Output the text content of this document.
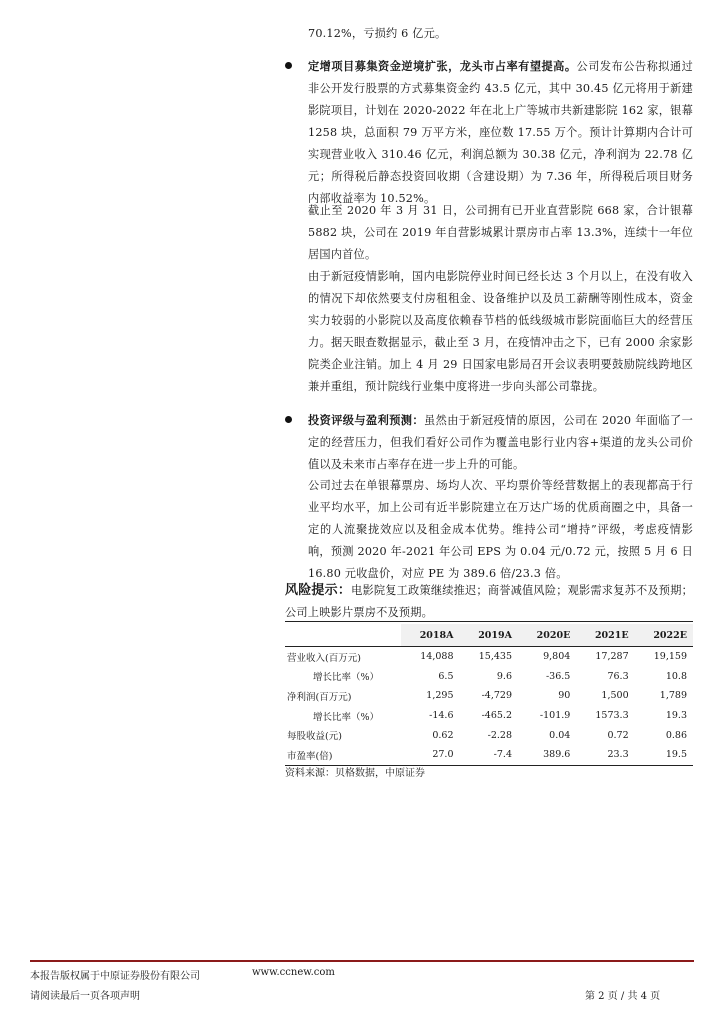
70.12%，亏损约 6 亿元。

定增项目募集资金逆境扩张，龙头市占率有望提高。公司发布公告称拟通过非公开发行股票的方式募集资金约 43.5 亿元，其中 30.45 亿元将用于新建影院项目，计划在 2020-2022 年在北上广等城市共新建影院 162 家，银幕 1258 块，总面积 79 万平方米，座位数 17.55 万个。预计计算期内合计可实现营业收入 310.46 亿元，利润总额为 30.38 亿元，净利润为 22.78 亿元；所得税后静态投资回收期（含建设期）为 7.36 年，所得税后项目财务内部收益率为 10.52%。

截止至 2020 年 3 月 31 日，公司拥有已开业直营影院 668 家，合计银幕 5882 块，公司在 2019 年自营影城累计票房市占率 13.3%，连续十一年位居国内首位。

由于新冠疫情影响，国内电影院停业时间已经长达 3 个月以上，在没有收入的情况下却依然要支付房租租金、设备维护以及员工薪酬等刚性成本，资金实力较弱的小影院以及高度依赖春节档的低线级城市影院面临巨大的经营压力。据天眼查数据显示，截止至 3 月，在疫情冲击之下，已有 2000 余家影院类企业注销。加上 4 月 29 日国家电影局召开会议表明要鼓励院线跨地区兼并重组，预计院线行业集中度将进一步向头部公司靠拢。

投资评级与盈利预测：虽然由于新冠疫情的原因，公司在 2020 年面临了一定的经营压力，但我们看好公司作为覆盖电影行业内容+渠道的龙头公司价值以及未来市占率存在进一步上升的可能。

公司过去在单银幕票房、场均人次、平均票价等经营数据上的表现都高于行业平均水平，加上公司有近半影院建立在万达广场的优质商圈之中，具备一定的人流聚拢效应以及租金成本优势。维持公司“增持”评级，考虑疫情影响，预测 2020 年-2021 年公司 EPS 为 0.04 元/0.72 元，按照 5 月 6 日 16.80 元收盘价，对应 PE 为 389.6 倍/23.3 倍。

风险提示：电影院复工政策继续推迟；商誉减值风险；观影需求复苏不及预期；公司上映影片票房不及预期。

	2018A	2019A	2020E	2021E	2022E
营业收入(百万元)	14,088	15,435	9,804	17,287	19,159
增长比率（%）	6.5	9.6	-36.5	76.3	10.8
净利润(百万元)	1,295	-4,729	90	1,500	1,789
增长比率（%）	-14.6	-465.2	-101.9	1573.3	19.3
每股收益(元)	0.62	-2.28	0.04	0.72	0.86
市盈率(倍)	27.0	-7.4	389.6	23.3	19.5
资料来源：贝格数据，中原证券
本报告版权属于中原证券股份有限公司	www.ccnew.com
请阅读最后一页各项声明	第 2 页 / 共 4 页
